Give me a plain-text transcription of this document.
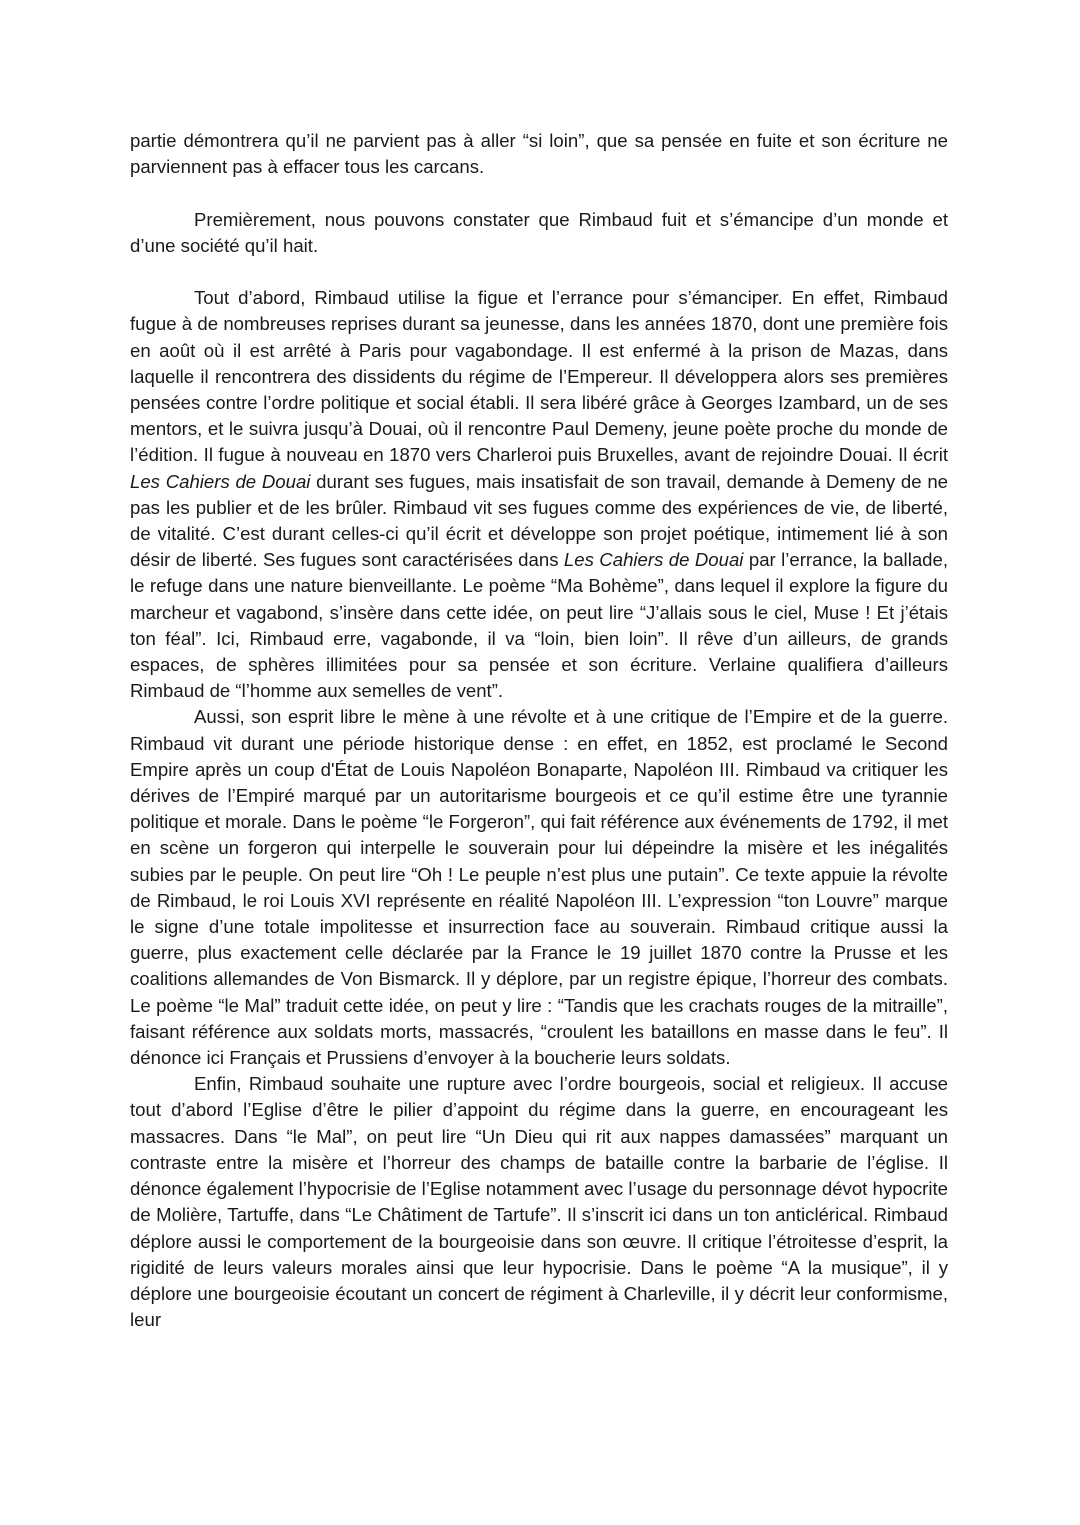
partie démontrera qu’il ne parvient pas à aller “si loin”, que sa pensée en fuite et son écriture ne parviennent pas à effacer tous les carcans.

Premièrement, nous pouvons constater que Rimbaud fuit et s’émancipe d’un monde et d’une société qu’il hait.

Tout d’abord, Rimbaud utilise la figue et l’errance pour s’émanciper. En effet, Rimbaud fugue à de nombreuses reprises durant sa jeunesse, dans les années 1870, dont une première fois en août où il est arrêté à Paris pour vagabondage. Il est enfermé à la prison de Mazas, dans laquelle il rencontrera des dissidents du régime de l’Empereur. Il développera alors ses premières pensées contre l’ordre politique et social établi. Il sera libéré grâce à Georges Izambard, un de ses mentors, et le suivra jusqu’à Douai, où il rencontre Paul Demeny, jeune poète proche du monde de l’édition. Il fugue à nouveau en 1870 vers Charleroi puis Bruxelles, avant de rejoindre Douai. Il écrit Les Cahiers de Douai durant ses fugues, mais insatisfait de son travail, demande à Demeny de ne pas les publier et de les brûler. Rimbaud vit ses fugues comme des expériences de vie, de liberté, de vitalité. C’est durant celles-ci qu’il écrit et développe son projet poétique, intimement lié à son désir de liberté. Ses fugues sont caractérisées dans Les Cahiers de Douai par l’errance, la ballade, le refuge dans une nature bienveillante. Le poème “Ma Bohème”, dans lequel il explore la figure du marcheur et vagabond, s’insère dans cette idée, on peut lire “J’allais sous le ciel, Muse ! Et j’étais ton féal”. Ici, Rimbaud erre, vagabonde, il va “loin, bien loin”. Il rêve d’un ailleurs, de grands espaces, de sphères illimitées pour sa pensée et son écriture. Verlaine qualifiera d’ailleurs Rimbaud de “l’homme aux semelles de vent”.

Aussi, son esprit libre le mène à une révolte et à une critique de l’Empire et de la guerre. Rimbaud vit durant une période historique dense : en effet, en 1852, est proclamé le Second Empire après un coup d'État de Louis Napoléon Bonaparte, Napoléon III. Rimbaud va critiquer les dérives de l’Empiré marqué par un autoritarisme bourgeois et ce qu’il estime être une tyrannie politique et morale. Dans le poème “le Forgeron”, qui fait référence aux événements de 1792, il met en scène un forgeron qui interpelle le souverain pour lui dépeindre la misère et les inégalités subies par le peuple. On peut lire “Oh ! Le peuple n’est plus une putain”. Ce texte appuie la révolte de Rimbaud, le roi Louis XVI représente en réalité Napoléon III. L’expression “ton Louvre” marque le signe d’une totale impolitesse et insurrection face au souverain. Rimbaud critique aussi la guerre, plus exactement celle déclarée par la France le 19 juillet 1870 contre la Prusse et les coalitions allemandes de Von Bismarck. Il y déplore, par un registre épique, l’horreur des combats. Le poème “le Mal” traduit cette idée, on peut y lire : “Tandis que les crachats rouges de la mitraille”, faisant référence aux soldats morts, massacrés, “croulent les bataillons en masse dans le feu”. Il dénonce ici Français et Prussiens d’envoyer à la boucherie leurs soldats.

Enfin, Rimbaud souhaite une rupture avec l’ordre bourgeois, social et religieux. Il accuse tout d’abord l’Eglise d’être le pilier d’appoint du régime dans la guerre, en encourageant les massacres. Dans “le Mal”, on peut lire “Un Dieu qui rit aux nappes damassées” marquant un contraste entre la misère et l’horreur des champs de bataille contre la barbarie de l’église. Il dénonce également l’hypocrisie de l’Eglise notamment avec l’usage du personnage dévot hypocrite de Molière, Tartuffe, dans “Le Châtiment de Tartufe”. Il s’inscrit ici dans un ton anticlérical. Rimbaud déplore aussi le comportement de la bourgeoisie dans son œuvre. Il critique l’étroitesse d’esprit, la rigidité de leurs valeurs morales ainsi que leur hypocrisie. Dans le poème “A la musique”, il y déplore une bourgeoisie écoutant un concert de régiment à Charleville, il y décrit leur conformisme, leur
